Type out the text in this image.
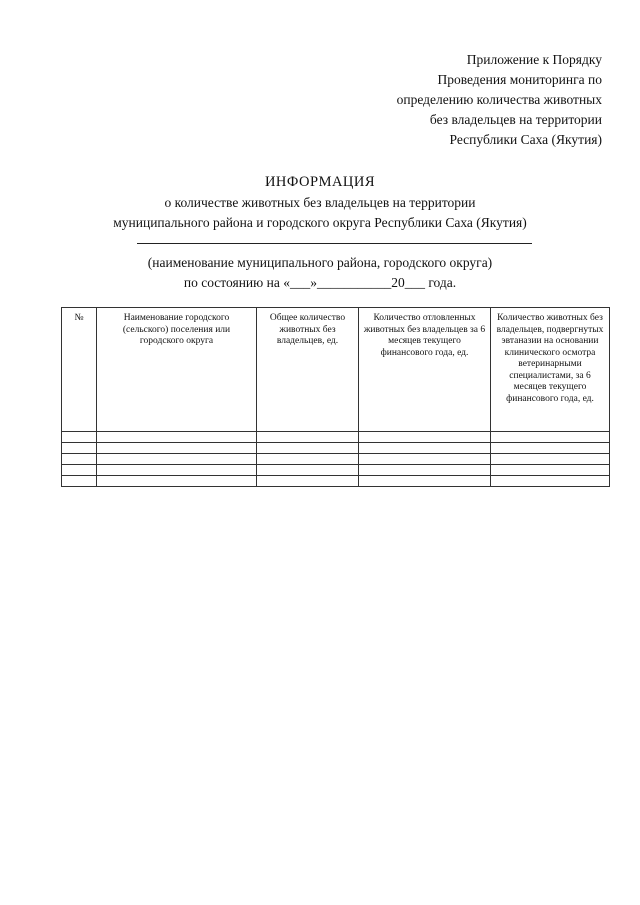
Приложение к Порядку
Проведения мониторинга по
определению количества животных
без владельцев на территории
Республики Саха (Якутия)
ИНФОРМАЦИЯ
о количестве животных без владельцев на территории
муниципального района и городского округа Республики Саха (Якутия)
(наименование муниципального района, городского округа)
по состоянию на «___»___________20___ года.
№	Наименование городского (сельского) поселения или городского округа	Общее количество животных без владельцев, ед.	Количество отловленных животных без владельцев за 6 месяцев текущего финансового года, ед.	Количество животных без владельцев, подвергнутых эвтаназии на основании клинического осмотра ветеринарными специалистами, за 6 месяцев текущего финансового года, ед.
